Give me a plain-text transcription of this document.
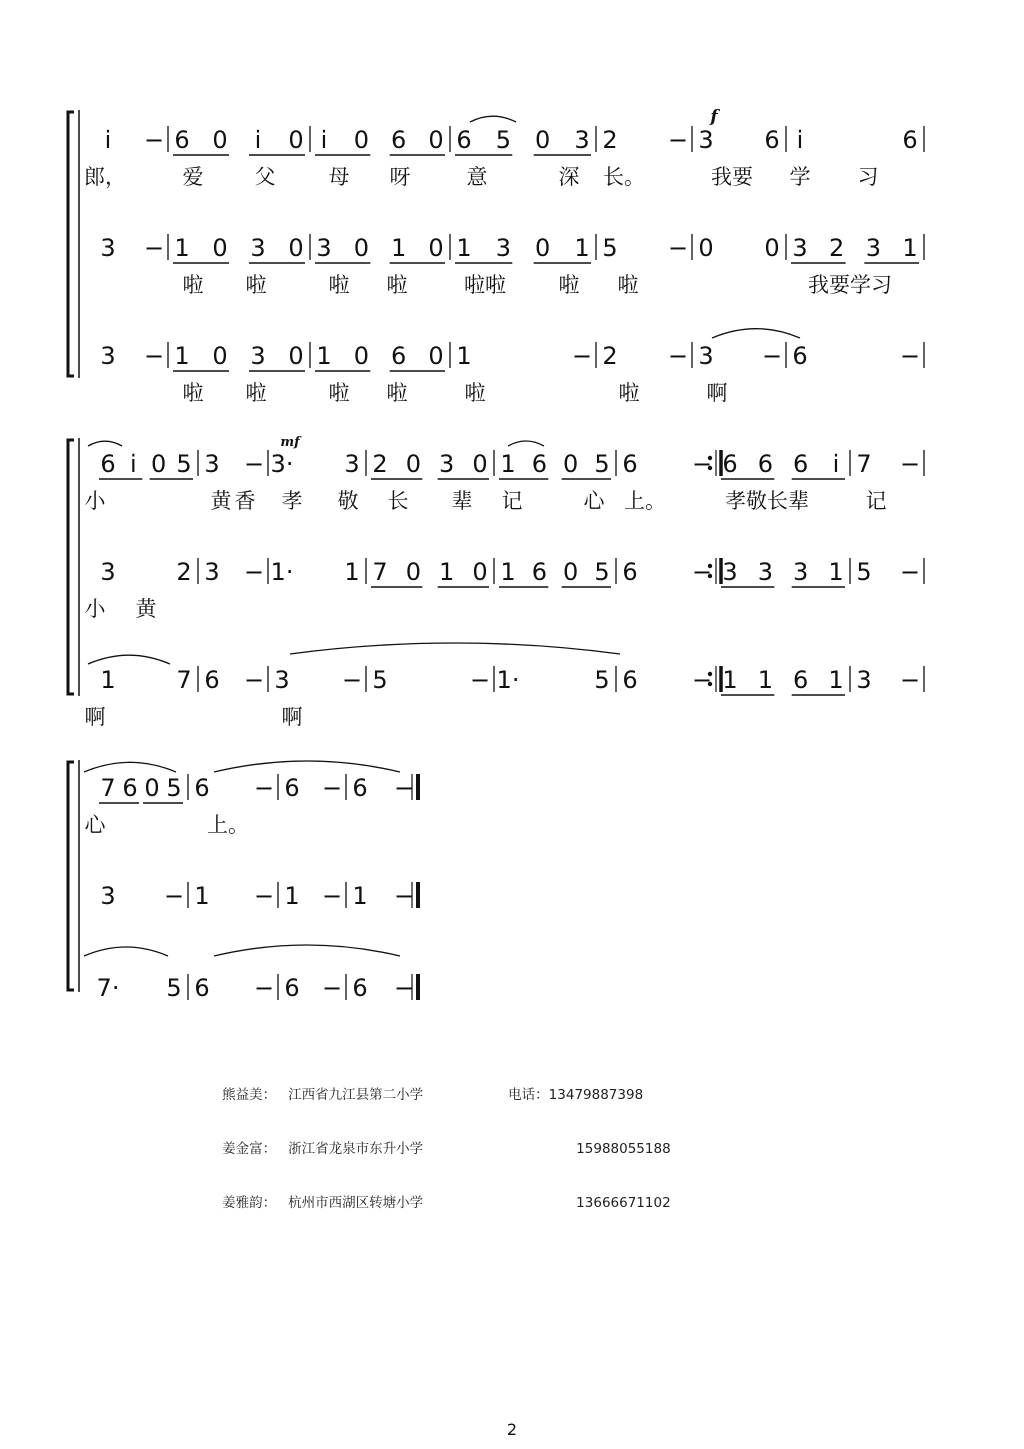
i̇ − 6 0 i̇ 0 i̇ 0 6 0 6 5 0 3 2 − 3 6 i̇	6
郎，	爱 父	母 呀	意	深 长。	我要 学 习
f
3 − 1 0 3 0 3 0 1 0 1 3 0 1 5 − 0 0 3 2 3 1
啦 啦	啦 啦	啦啦	啦 啦	我要学习
3 − 1 0 3 0 1 0 6 0 1	− 2 − 3 − 6	−
啦 啦	啦 啦	啦	啦	啊
6 i̇ 0 5 3 − 3· 3 2 0 3 0 1 6 0 5 6 − 6 6 6 i̇ 7 −
小	黄 香 孝 敬 长 辈 记	心 上。	孝敬长辈	记
mf
3	2 3 − 1· 1 7 0 1 0 1 6 0 5 6 − 3 3 3 1 5 −
小 黄
1	7 6 − 3 − 5	− 1·	5 6 − 1 1 6 1 3 −
啊	啊
7 6 0 5 6 − 6 − 6 −
心	上。
3 − 1 − 1 − 1 −
7· 5 6 − 6 − 6 −

熊益美： 江西省九江县第二小学	电话：13479887398

姜金富： 浙江省龙泉市东升小学	15988055188

姜雅韵： 杭州市西湖区转塘小学	13666671102

2
